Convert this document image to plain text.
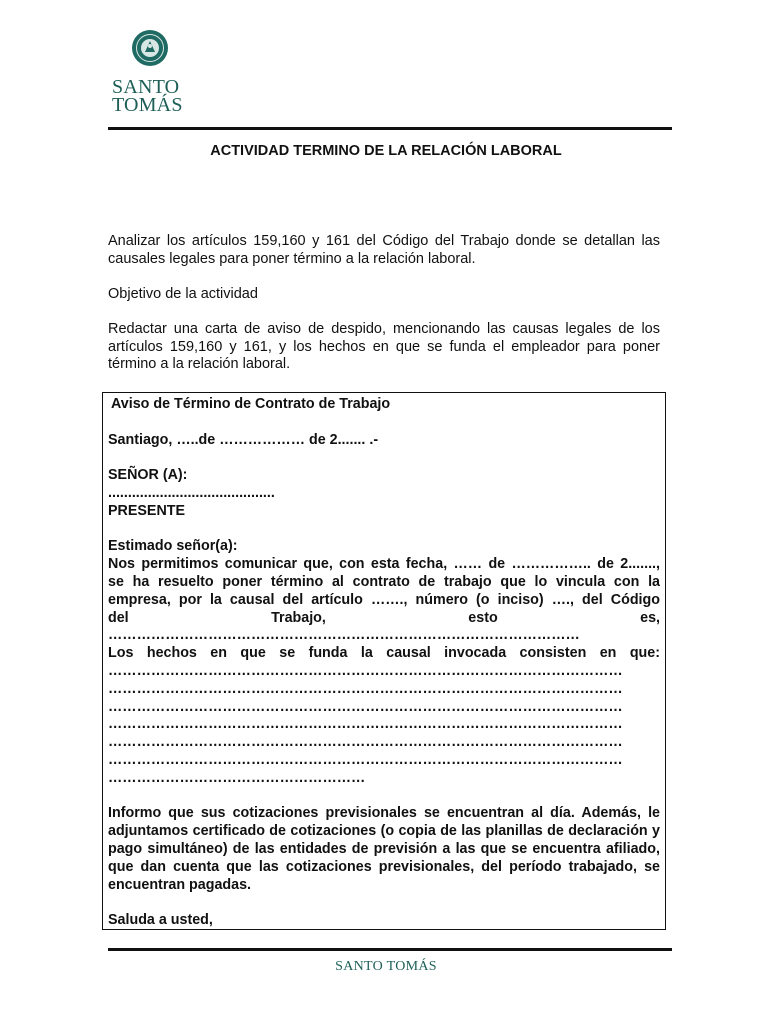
SANTO
TOMÁS
ACTIVIDAD TERMINO DE LA RELACIÓN LABORAL
Analizar los artículos 159,160 y 161 del Código del Trabajo donde se detallan las causales legales para poner término a la relación laboral.
Objetivo de la actividad
Redactar una carta de aviso de despido, mencionando las causas legales de los artículos 159,160 y 161, y los hechos en que se funda el empleador para poner término a la relación laboral.
Aviso de Término de Contrato de Trabajo
Santiago, …..de ……………… de 2....... .-
SEÑOR (A):
..........................................
PRESENTE
Estimado señor(a):
Nos permitimos comunicar que, con esta fecha, …… de …………….. de 2.......,
se ha resuelto poner término al contrato de trabajo que lo vincula con la
empresa, por la causal del artículo ……., número (o inciso) …., del Código
del Trabajo, esto es,
………………………………………………………………………………………
Los hechos en que se funda la causal invocada consisten en que:
………………………………………………………………………………………………
………………………………………………………………………………………………
………………………………………………………………………………………………
………………………………………………………………………………………………
………………………………………………………………………………………………
………………………………………………………………………………………………
………………………………………………
Informo que sus cotizaciones previsionales se encuentran al día. Además, le adjuntamos certificado de cotizaciones (o copia de las planillas de declaración y pago simultáneo) de las entidades de previsión a las que se encuentra afiliado, que dan cuenta que las cotizaciones previsionales, del período trabajado, se encuentran pagadas.
Saluda a usted,
SANTO TOMÁS
